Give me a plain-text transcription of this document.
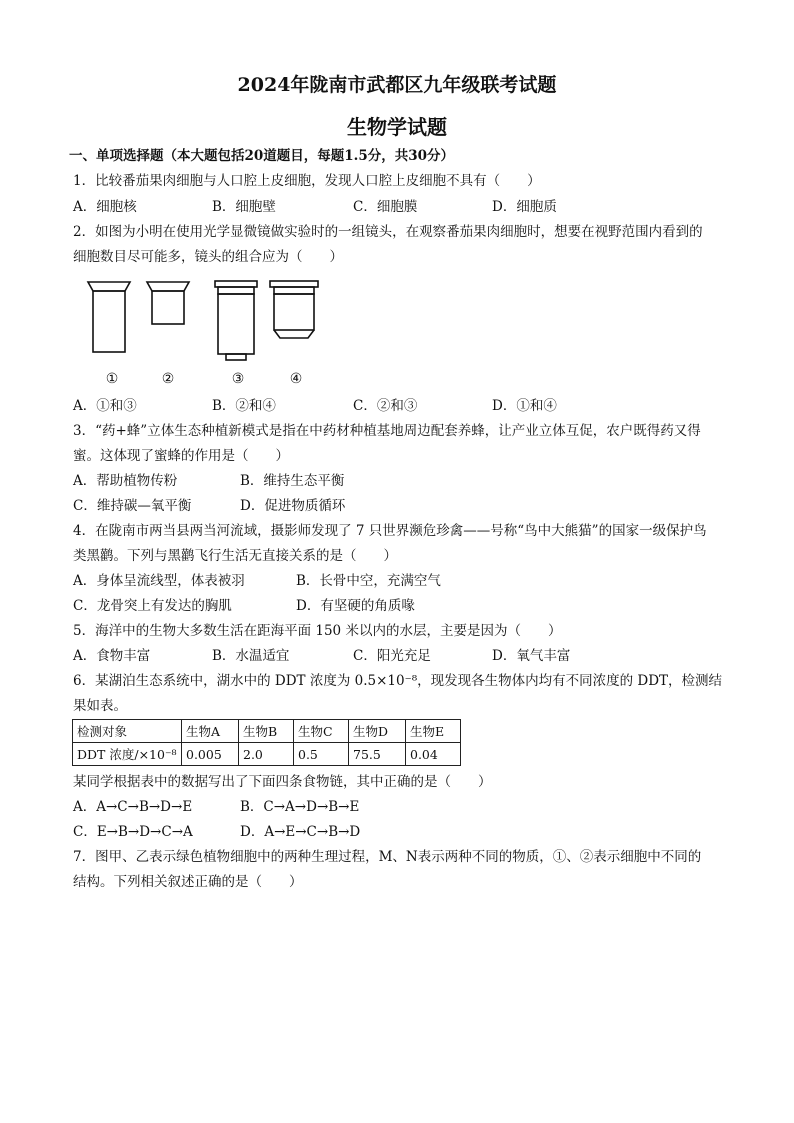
2024年陇南市武都区九年级联考试题
生物学试题
一、单项选择题（本大题包括20道题目，每题1.5分，共30分）
1．比较番茄果肉细胞与人口腔上皮细胞，发现人口腔上皮细胞不具有（　　）
A．细胞核	B．细胞壁	C．细胞膜	D．细胞质
2．如图为小明在使用光学显微镜做实验时的一组镜头，在观察番茄果肉细胞时，想要在视野范围内看到的
细胞数目尽可能多，镜头的组合应为（　　）
①	②	③	④
A．①和③	B．②和④	C．②和③	D．①和④
3．“药+蜂”立体生态种植新模式是指在中药材种植基地周边配套养蜂，让产业立体互促，农户既得药又得
蜜。这体现了蜜蜂的作用是（　　）
A．帮助植物传粉	B．维持生态平衡
C．维持碳—氧平衡	D．促进物质循环
4．在陇南市两当县两当河流域，摄影师发现了 7 只世界濒危珍禽——号称“鸟中大熊猫”的国家一级保护鸟
类黑鹳。下列与黑鹳飞行生活无直接关系的是（　　）
A．身体呈流线型，体表被羽	B．长骨中空，充满空气
C．龙骨突上有发达的胸肌	D．有坚硬的角质喙
5．海洋中的生物大多数生活在距海平面 150 米以内的水层，主要是因为（　　）
A．食物丰富	B．水温适宜	C．阳光充足	D．氧气丰富
6．某湖泊生态系统中，湖水中的 DDT 浓度为 0.5×10⁻⁸，现发现各生物体内均有不同浓度的 DDT，检测结
果如表。
检测对象	生物A	生物B	生物C	生物D	生物E
DDT 浓度/×10⁻⁸	0.005	2.0	0.5	75.5	0.04
某同学根据表中的数据写出了下面四条食物链，其中正确的是（　　）
A．A→C→B→D→E	B．C→A→D→B→E
C．E→B→D→C→A	D．A→E→C→B→D
7．图甲、乙表示绿色植物细胞中的两种生理过程，M、N表示两种不同的物质，①、②表示细胞中不同的
结构。下列相关叙述正确的是（　　）
